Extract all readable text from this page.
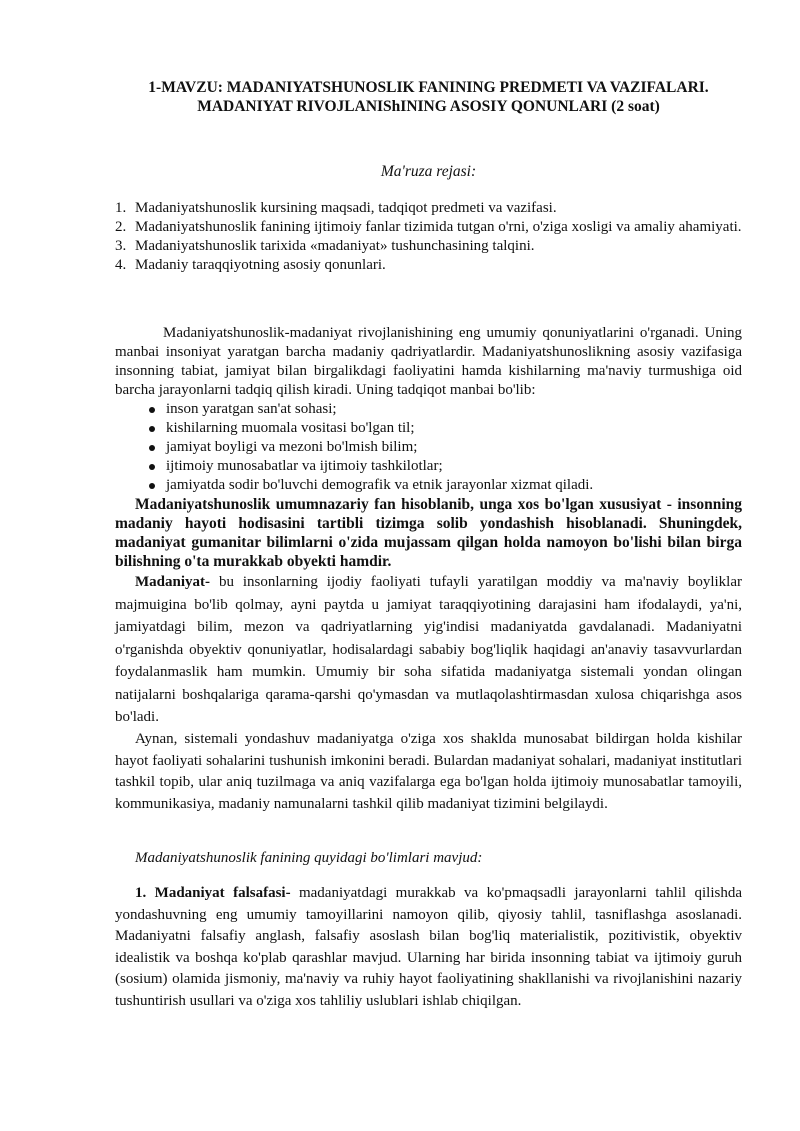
1-MAVZU: MADANIYATSHUNOSLIK FANINING PREDMETI VA VAZIFALARI.
MADANIYAT RIVOJLANIShINING ASOSIY QONUNLARI (2 soat)

Ma'ruza rejasi:

1. Madaniyatshunoslik kursining maqsadi, tadqiqot predmeti va vazifasi.
2. Madaniyatshunoslik fanining ijtimoiy fanlar tizimida tutgan o'rni, o'ziga xosligi va amaliy ahamiyati.
3. Madaniyatshunoslik tarixida «madaniyat» tushunchasining talqini.
4. Madaniy taraqqiyotning asosiy qonunlari.

Madaniyatshunoslik-madaniyat rivojlanishining eng umumiy qonuniyatlarini o'rganadi. Uning manbai insoniyat yaratgan barcha madaniy qadriyatlardir. Madaniyatshunoslikning asosiy vazifasiga insonning tabiat, jamiyat bilan birgalikdagi faoliyatini hamda kishilarning ma'naviy turmushiga oid barcha jarayonlarni tadqiq qilish kiradi. Uning tadqiqot manbai bo'lib:

inson yaratgan san'at sohasi;
kishilarning muomala vositasi bo'lgan til;
jamiyat boyligi va mezoni bo'lmish bilim;
ijtimoiy munosabatlar va ijtimoiy tashkilotlar;
jamiyatda sodir bo'luvchi demografik va etnik jarayonlar xizmat qiladi.

Madaniyatshunoslik umumnazariy fan hisoblanib, unga xos bo'lgan xususiyat - insonning madaniy hayoti hodisasini tartibli tizimga solib yondashish hisoblanadi. Shuningdek, madaniyat gumanitar bilimlarni o'zida mujassam qilgan holda namoyon bo'lishi bilan birga bilishning o'ta murakkab obyekti hamdir.

Madaniyat- bu insonlarning ijodiy faoliyati tufayli yaratilgan moddiy va ma'naviy boyliklar majmuigina bo'lib qolmay, ayni paytda u jamiyat taraqqiyotining darajasini ham ifodalaydi, ya'ni, jamiyatdagi bilim, mezon va qadriyatlarning yig'indisi madaniyatda gavdalanadi. Madaniyatni o'rganishda obyektiv qonuniyatlar, hodisalardagi sababiy bog'liqlik haqidagi an'anaviy tasavvurlardan foydalanmaslik ham mumkin. Umumiy bir soha sifatida madaniyatga sistemali yondan olingan natijalarni boshqalariga qarama-qarshi qo'ymasdan va mutlaqolashtirmasdan xulosa chiqarishga asos bo'ladi.

Aynan, sistemali yondashuv madaniyatga o'ziga xos shaklda munosabat bildirgan holda kishilar hayot faoliyati sohalarini tushunish imkonini beradi. Bulardan madaniyat sohalari, madaniyat institutlari tashkil topib, ular aniq tuzilmaga va aniq vazifalarga ega bo'lgan holda ijtimoiy munosabatlar tamoyili, kommunikasiya, madaniy namunalarni tashkil qilib madaniyat tizimini belgilaydi.

Madaniyatshunoslik fanining quyidagi bo'limlari mavjud:

1. Madaniyat falsafasi- madaniyatdagi murakkab va ko'pmaqsadli jarayonlarni tahlil qilishda yondashuvning eng umumiy tamoyillarini namoyon qilib, qiyosiy tahlil, tasniflashga asoslanadi. Madaniyatni falsafiy anglash, falsafiy asoslash bilan bog'liq materialistik, pozitivistik, obyektiv idealistik va boshqa ko'plab qarashlar mavjud. Ularning har birida insonning tabiat va ijtimoiy guruh (sosium) olamida jismoniy, ma'naviy va ruhiy hayot faoliyatining shakllanishi va rivojlanishini nazariy tushuntirish usullari va o'ziga xos tahliliy uslublari ishlab chiqilgan.
